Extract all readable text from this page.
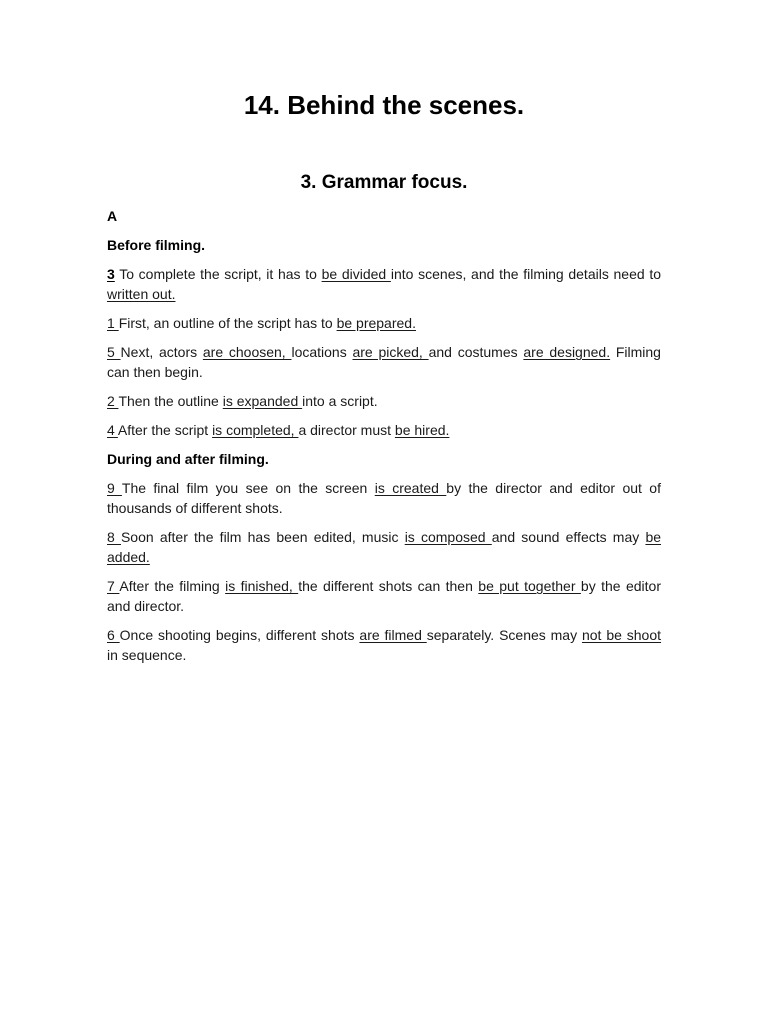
14. Behind the scenes.
3. Grammar focus.

A

Before filming.

3 To complete the script, it has to be divided into scenes, and the filming details need to written out.

1 First, an outline of the script has to be prepared.

5 Next, actors are choosen, locations are picked, and costumes are designed. Filming can then begin.

2 Then the outline is expanded into a script.

4 After the script is completed, a director must be hired.

During and after filming.

9 The final film you see on the screen is created by the director and editor out of thousands of different shots.

8 Soon after the film has been edited, music is composed and sound effects may be added.

7 After the filming is finished, the different shots can then be put together by the editor and director.

6 Once shooting begins, different shots are filmed separately. Scenes may not be shoot in sequence.
